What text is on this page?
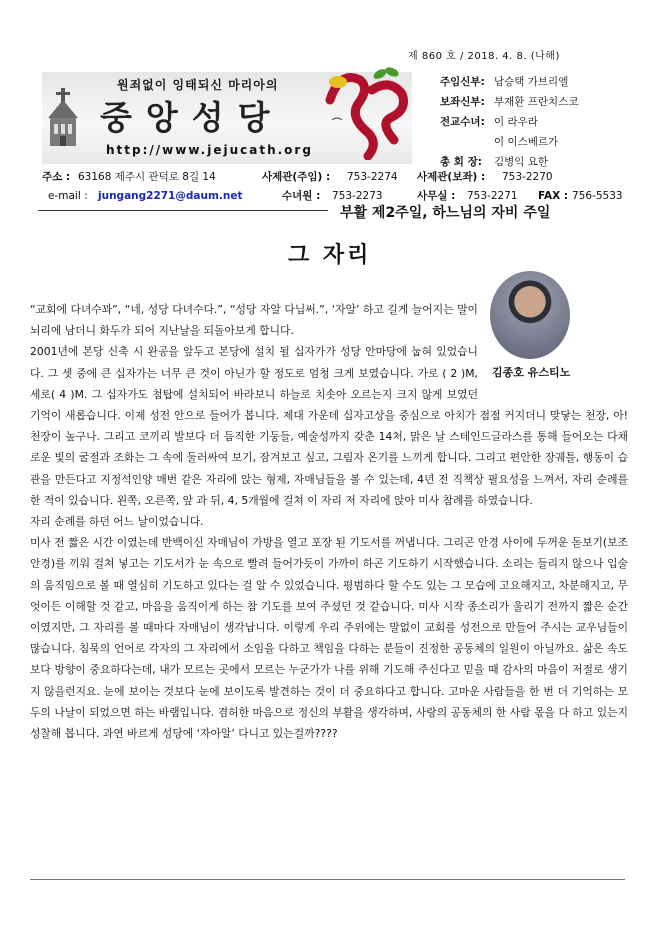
제 860 호 / 2018. 4. 8. (나해)
원죄없이 잉태되신 마리아의
중앙성당
http://www.jejucath.org
주임신부: 남승택 가브리엘
보좌신부: 부재환 프란치스코
전교수녀: 이 라우라
이 이스베르가
총 회 장: 김병익 요한
주소 : 63168 제주시 관덕로 8길 14	사제관(주임) : 753-2274 사제관(보좌) : 753-2270
e-mail : jungang2271@daum.net	수녀원 : 753-2273	사무실 : 753-2271 FAX : 756-5533
부활 제2주일, 하느님의 자비 주일
그 자리
김종호 유스티노

“교회에 다녀수꽈”, “네, 성당 다녀수다.”, “성당 자알 다닙써.”, ‘자알’ 하고 길게 늘어지는 말이 뇌리에 남더니 화두가 되어 지난날을 되돌아보게 합니다.

2001년에 본당 신축 시 완공을 앞두고 본당에 설치 될 십자가가 성당 안마당에 눕혀 있었습니다. 그 셋 중에 큰 십자가는 너무 큰 것이 아닌가 할 정도로 엄청 크게 보였습니다. 가로 ( 2 )M, 세로( 4 )M. 그 십자가도 첨탑에 설치되어 바라보니 하늘로 치솟아 오르는지 크지 않게 보였던 기억이 새롭습니다. 이제 성전 안으로 들어가 봅니다. 제대 가운데 십자고상을 중심으로 아치가 점점 커지더니 맞닿는 천장, 아! 천장이 높구나. 그리고 코끼리 발보다 더 듬직한 기둥들, 예술성까지 갖춘 14처, 맑은 날 스테인드글라스를 통해 들어오는 다채로운 빛의 굴절과 조화는 그 속에 둘러싸여 보기, 잠겨보고 싶고, 그림자 온기를 느끼게 합니다. 그리고 편안한 장궤틀, 행동이 습관을 만든다고 지정석인양 매번 같은 자리에 앉는 형제, 자매님들을 볼 수 있는데, 4년 전 직책상 필요성을 느껴서, 자리 순례를 한 적이 있습니다. 왼쪽, 오른쪽, 앞 과 뒤, 4, 5개월에 걸쳐 이 자리 저 자리에 앉아 미사 참례를 하였습니다.

자리 순례를 하던 어느 날이었습니다.

미사 전 짧은 시간 이였는데 반백이신 자매님이 가방을 열고 포장 된 기도서를 꺼냅니다. 그리곤 안경 사이에 두꺼운 돋보기(보조안경)를 끼워 걸쳐 넣고는 기도서가 눈 속으로 빨려 들어가듯이 가까이 하곤 기도하기 시작했습니다. 소리는 들리지 않으나 입술의 움직임으로 볼 때 열심히 기도하고 있다는 걸 알 수 있었습니다. 평범하다 할 수도 있는 그 모습에 고요해지고, 차분해지고, 무엇이든 이해할 것 같고, 마음을 움직이게 하는 참 기도를 보여 주셨던 것 같습니다. 미사 시작 종소리가 울리기 전까지 짧은 순간 이였지만, 그 자리를 볼 때마다 자매님이 생각납니다. 이렇게 우리 주위에는 말없이 교회를 성전으로 만들어 주시는 교우님들이 많습니다. 침묵의 언어로 각자의 그 자리에서 소임을 다하고 책임을 다하는 분들이 진정한 공동체의 일원이 아닐까요. 삶은 속도보다 방향이 중요하다는데, 내가 모르는 곳에서 모르는 누군가가 나를 위해 기도해 주신다고 믿을 때 감사의 마음이 저절로 생기지 않을런지요. 눈에 보이는 것보다 눈에 보이도록 발견하는 것이 더 중요하다고 합니다. 고마운 사람들을 한 번 더 기억하는 모두의 나날이 되었으면 하는 바램입니다. 겸허한 마음으로 정신의 부활을 생각하며, 사랑의 공동체의 한 사람 몫을 다 하고 있는지 성찰해 봅니다. 과연 바르게 성당에 ‘자아알’ 다니고 있는걸까????
